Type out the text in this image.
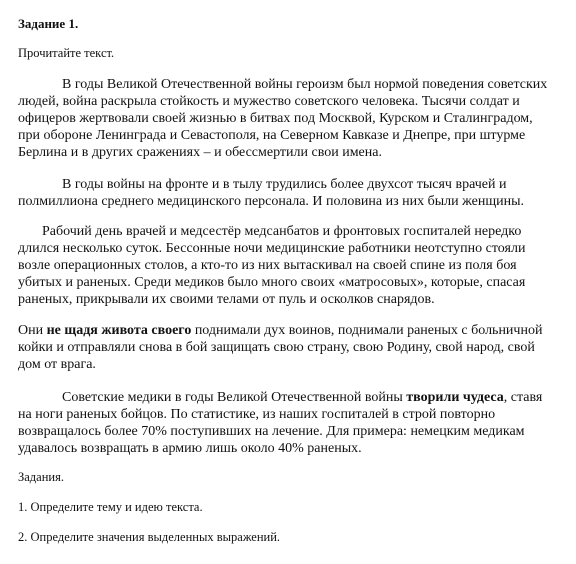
Задание 1.
Прочитайте текст.

В годы Великой Отечественной войны героизм был нормой поведения советских людей, война раскрыла стойкость и мужество советского человека. Тысячи солдат и офицеров жертвовали своей жизнью в битвах под Москвой, Курском и Сталинградом, при обороне Ленинграда и Севастополя, на Северном Кавказе и Днепре, при штурме Берлина и в других сражениях – и обессмертили свои имена.

В годы войны на фронте и в тылу трудились более двухсот тысяч врачей и полмиллиона среднего медицинского персонала. И половина из них были женщины.

Рабочий день врачей и медсестёр медсанбатов и фронтовых госпиталей нередко длился несколько суток. Бессонные ночи медицинские работники неотступно стояли возле операционных столов, а кто-то из них вытаскивал на своей спине из поля боя убитых и раненых. Среди медиков было много своих «матросовых», которые, спасая раненых, прикрывали их своими телами от пуль и осколков снарядов.

Они не щадя живота своего поднимали дух воинов, поднимали раненых с больничной койки и отправляли снова в бой защищать свою страну, свою Родину, свой народ, свой дом от врага.

Советские медики в годы Великой Отечественной войны творили чудеса, ставя на ноги раненых бойцов. По статистике, из наших госпиталей в строй повторно возвращалось более 70% поступивших на лечение. Для примера: немецким медикам удавалось возвращать в армию лишь около 40% раненых.

Задания.
1. Определите тему и идею текста.
2. Определите значения выделенных выражений.
